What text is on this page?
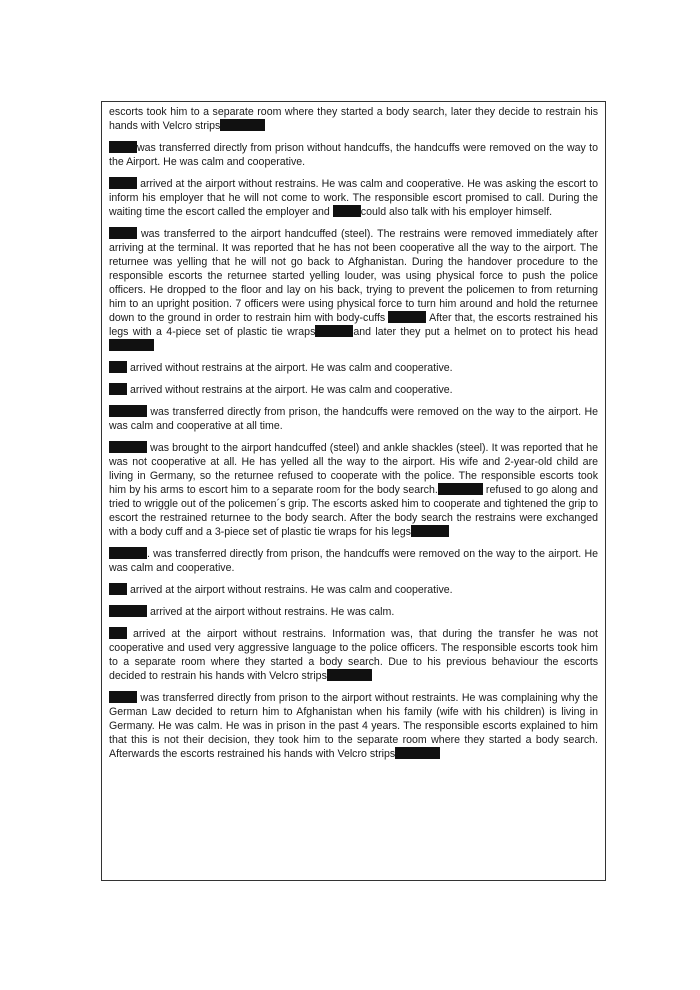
escorts took him to a separate room where they started a body search, later they decide to restrain his hands with Velcro strips

was transferred directly from prison without handcuffs, the handcuffs were removed on the way to the Airport. He was calm and cooperative.

arrived at the airport without restrains. He was calm and cooperative. He was asking the escort to inform his employer that he will not come to work. The responsible escort promised to call. During the waiting time the escort called the employer and	could also talk with his employer himself.

was transferred to the airport handcuffed (steel). The restrains were removed immediately after arriving at the terminal. It was reported that he has not been cooperative all the way to the airport. The returnee was yelling that he will not go back to Afghanistan. During the handover procedure to the responsible escorts the returnee started yelling louder, was using physical force to push the police officers. He dropped to the floor and lay on his back, trying to prevent the policemen to from returning him to an upright position. 7 officers were using physical force to turn him around and hold the returnee down to the ground in order to restrain him with body-cuffs	After that, the escorts restrained his legs with a 4-piece set of plastic tie wraps	and later they put a helmet on to protect his head

arrived without restrains at the airport. He was calm and cooperative.

arrived without restrains at the airport. He was calm and cooperative.

was transferred directly from prison, the handcuffs were removed on the way to the airport. He was calm and cooperative at all time.

was brought to the airport handcuffed (steel) and ankle shackles (steel). It was reported that he was not cooperative at all. He has yelled all the way to the airport. His wife and 2-year-old child are living in Germany, so the returnee refused to cooperate with the police. The responsible escorts took him by his arms to escort him to a separate room for the body search.	refused to go along and tried to wriggle out of the policemen´s grip. The escorts asked him to cooperate and tightened the grip to escort the restrained returnee to the body search. After the body search the restrains were exchanged with a body cuff and a 3-piece set of plastic tie wraps for his legs

. was transferred directly from prison, the handcuffs were removed on the way to the airport. He was calm and cooperative.

arrived at the airport without restrains. He was calm and cooperative.

arrived at the airport without restrains. He was calm.

arrived at the airport without restrains. Information was, that during the transfer he was not cooperative and used very aggressive language to the police officers. The responsible escorts took him to a separate room where they started a body search. Due to his previous behaviour the escorts decided to restrain his hands with Velcro strips

was transferred directly from prison to the airport without restraints. He was complaining why the German Law decided to return him to Afghanistan when his family (wife with his children) is living in Germany. He was calm. He was in prison in the past 4 years. The responsible escorts explained to him that this is not their decision, they took him to the separate room where they started a body search. Afterwards the escorts restrained his hands with Velcro strips
